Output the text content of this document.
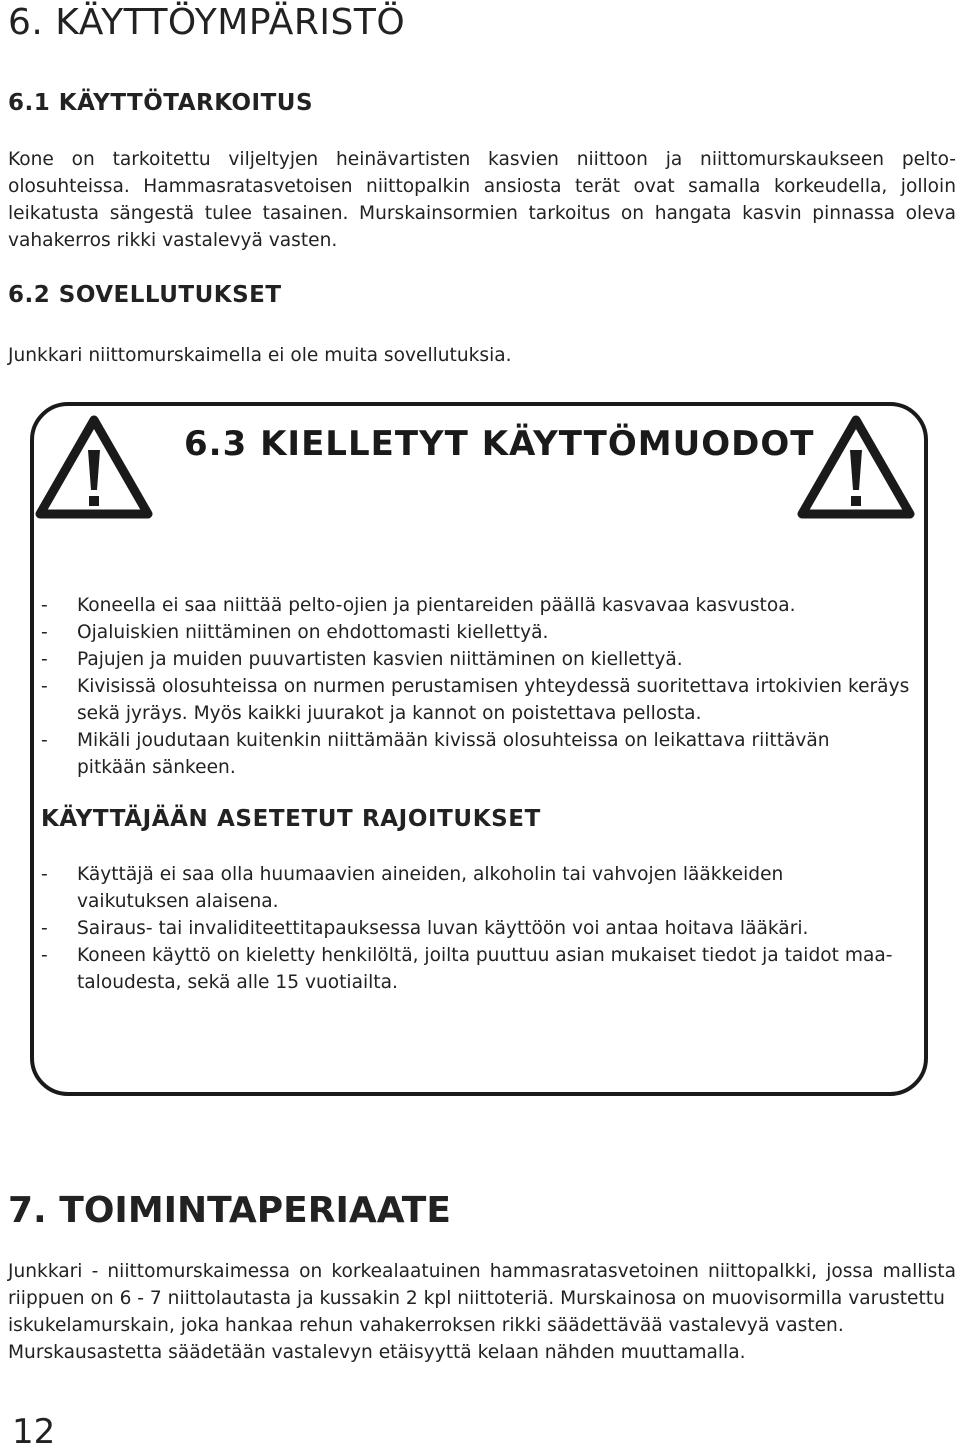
6. KÄYTTÖYMPÄRISTÖ
6.1 KÄYTTÖTARKOITUS
Kone on tarkoitettu viljeltyjen heinävartisten kasvien niittoon ja niittomurskaukseen pelto-
olosuhteissa. Hammasratasvetoisen niittopalkin ansiosta terät ovat samalla korkeudella, jolloin
leikatusta sängestä tulee tasainen. Murskainsormien tarkoitus on hangata kasvin pinnassa oleva
vahakerros rikki vastalevyä vasten.
6.2 SOVELLUTUKSET
Junkkari niittomurskaimella ei ole muita sovellutuksia.
6.3 KIELLETYT KÄYTTÖMUODOT
- Koneella ei saa niittää pelto-ojien ja pientareiden päällä kasvavaa kasvustoa.
- Ojaluiskien niittäminen on ehdottomasti kiellettyä.
- Pajujen ja muiden puuvartisten kasvien niittäminen on kiellettyä.
- Kivisissä olosuhteissa on nurmen perustamisen yhteydessä suoritettava irtokivien keräys
sekä jyräys. Myös kaikki juurakot ja kannot on poistettava pellosta.
- Mikäli joudutaan kuitenkin niittämään kivissä olosuhteissa on leikattava riittävän
pitkään sänkeen.
KÄYTTÄJÄÄN ASETETUT RAJOITUKSET
- Käyttäjä ei saa olla huumaavien aineiden, alkoholin tai vahvojen lääkkeiden
vaikutuksen alaisena.
- Sairaus- tai invaliditeettitapauksessa luvan käyttöön voi antaa hoitava lääkäri.
- Koneen käyttö on kieletty henkilöltä, joilta puuttuu asian mukaiset tiedot ja taidot maa-
taloudesta, sekä alle 15 vuotiailta.
7. TOIMINTAPERIAATE
Junkkari - niittomurskaimessa on korkealaatuinen hammasratasvetoinen niittopalkki, jossa mallista
riippuen on 6 - 7 niittolautasta ja kussakin 2 kpl niittoteriä. Murskainosa on muovisormilla varustettu
iskukelamurskain, joka hankaa rehun vahakerroksen rikki säädettävää vastalevyä vasten.
Murskausastetta säädetään vastalevyn etäisyyttä kelaan nähden muuttamalla.
12
